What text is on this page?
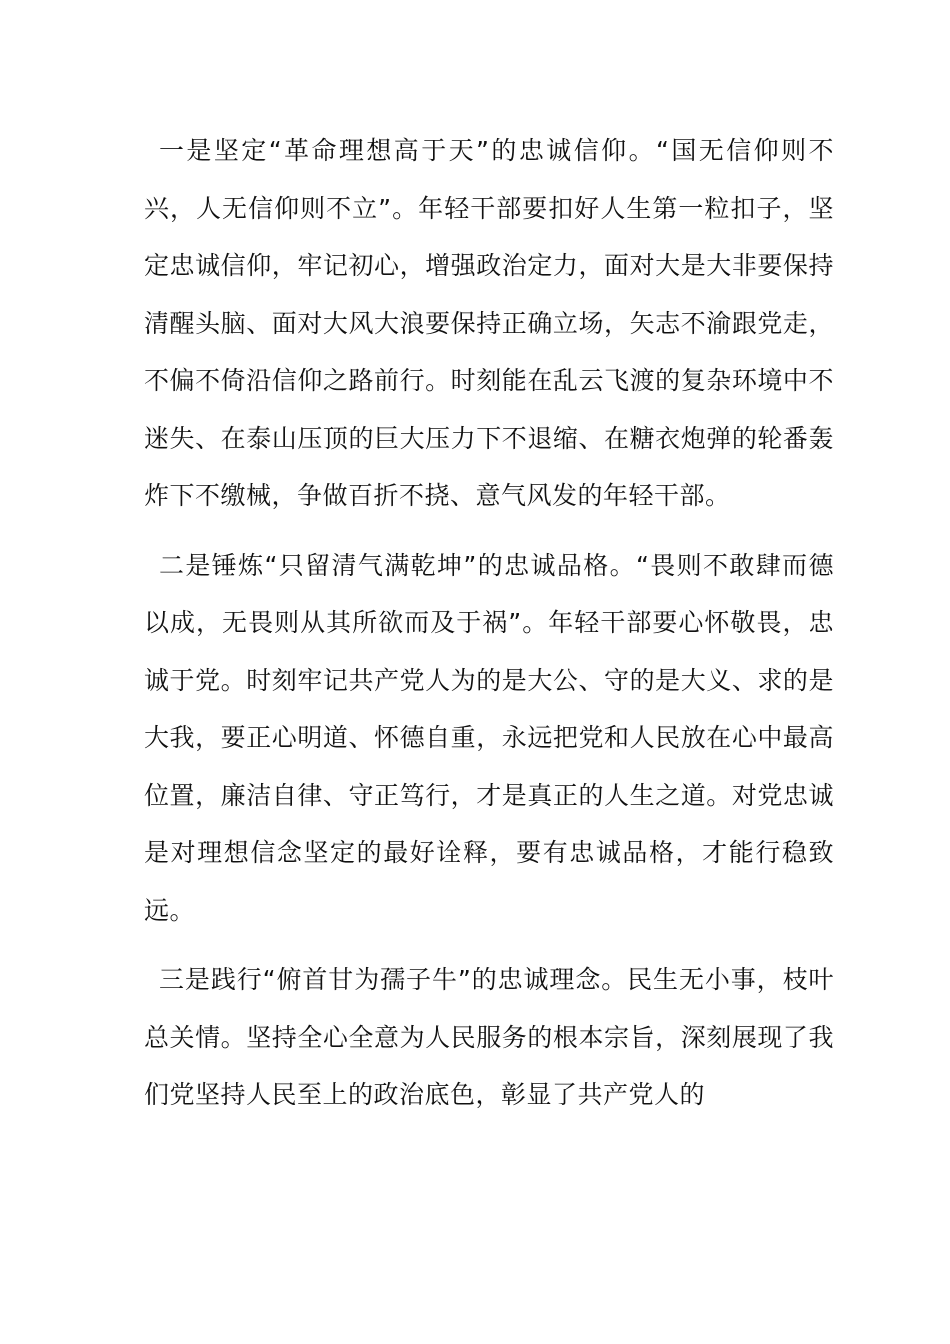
一是坚定“革命理想高于天”的忠诚信仰。“国无信仰则不兴，人无信仰则不立”。年轻干部要扣好人生第一粒扣子，坚定忠诚信仰，牢记初心，增强政治定力，面对大是大非要保持清醒头脑、面对大风大浪要保持正确立场，矢志不渝跟党走，不偏不倚沿信仰之路前行。时刻能在乱云飞渡的复杂环境中不迷失、在泰山压顶的巨大压力下不退缩、在糖衣炮弹的轮番轰炸下不缴械，争做百折不挠、意气风发的年轻干部。

二是锤炼“只留清气满乾坤”的忠诚品格。“畏则不敢肆而德以成，无畏则从其所欲而及于祸”。年轻干部要心怀敬畏，忠诚于党。时刻牢记共产党人为的是大公、守的是大义、求的是大我，要正心明道、怀德自重，永远把党和人民放在心中最高位置，廉洁自律、守正笃行，才是真正的人生之道。对党忠诚是对理想信念坚定的最好诠释，要有忠诚品格，才能行稳致远。

三是践行“俯首甘为孺子牛”的忠诚理念。民生无小事，枝叶总关情。坚持全心全意为人民服务的根本宗旨，深刻展现了我们党坚持人民至上的政治底色，彰显了共产党人的
